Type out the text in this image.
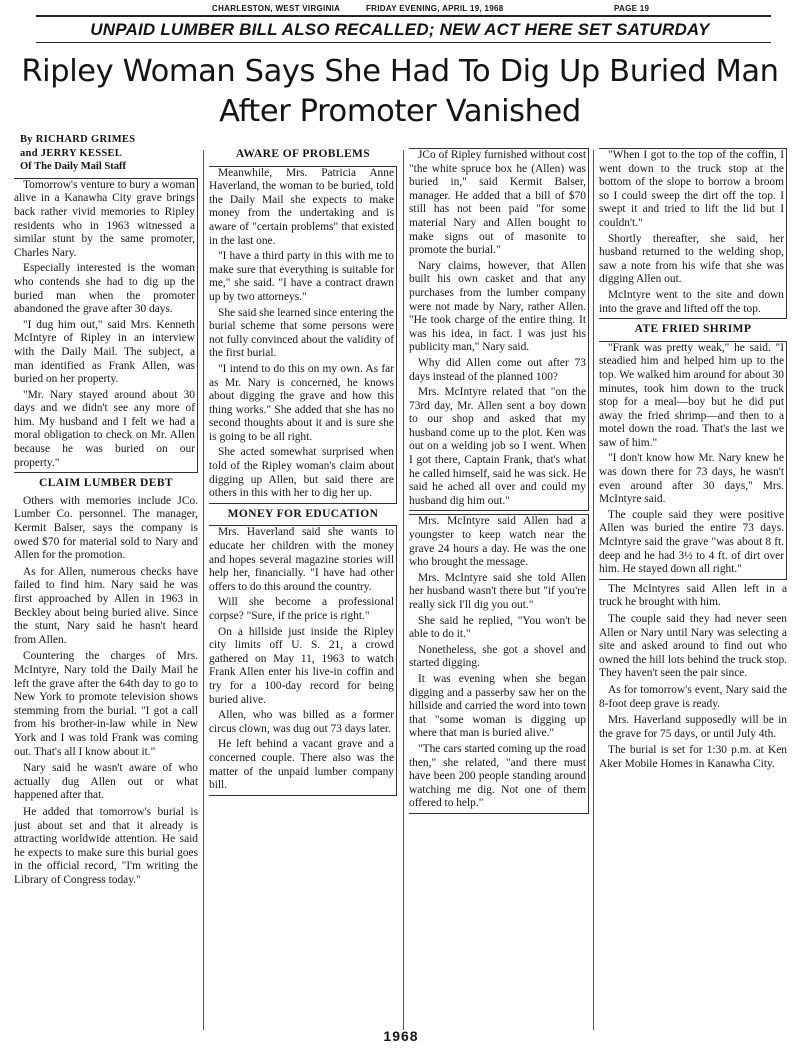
CHARLESTON, WEST VIRGINIA	FRIDAY EVENING, APRIL 19, 1968	PAGE 19
UNPAID LUMBER BILL ALSO RECALLED; NEW ACT HERE SET SATURDAY
Ripley Woman Says She Had To Dig Up Buried Man
After Promoter Vanished

By RICHARD GRIMES

and JERRY KESSEL

Of The Daily Mail Staff

Tomorrow's venture to bury a woman alive in a Kanawha City grave brings back rather vivid memories to Ripley residents who in 1963 witnessed a similar stunt by the same promoter, Charles Nary.

Especially interested is the woman who contends she had to dig up the buried man when the promoter abandoned the grave after 30 days.

"I dug him out," said Mrs. Kenneth McIntyre of Ripley in an interview with the Daily Mail. The subject, a man identified as Frank Allen, was buried on her property.

"Mr. Nary stayed around about 30 days and we didn't see any more of him. My husband and I felt we had a moral obligation to check on Mr. Allen because he was buried on our property."

CLAIM LUMBER DEBT

Others with memories include JCo. Lumber Co. personnel. The manager, Kermit Balser, says the company is owed $70 for material sold to Nary and Allen for the promotion.

As for Allen, numerous checks have failed to find him. Nary said he was first approached by Allen in 1963 in Beckley about being buried alive. Since the stunt, Nary said he hasn't heard from Allen.

Countering the charges of Mrs. McIntyre, Nary told the Daily Mail he left the grave after the 64th day to go to New York to promote television shows stemming from the burial. "I got a call from his brother-in-law while in New York and I was told Frank was coming out. That's all I know about it."

Nary said he wasn't aware of who actually dug Allen out or what happened after that.

He added that tomorrow's burial is just about set and that it already is attracting worldwide attention. He said he expects to make sure this burial goes in the official record, "I'm writing the Library of Congress today."

AWARE OF PROBLEMS

Meanwhile, Mrs. Patricia Anne Haverland, the woman to be buried, told the Daily Mail she expects to make money from the undertaking and is aware of "certain problems" that existed in the last one.

"I have a third party in this with me to make sure that everything is suitable for me," she said. "I have a contract drawn up by two attorneys."

She said she learned since entering the burial scheme that some persons were not fully convinced about the validity of the first burial.

"I intend to do this on my own. As far as Mr. Nary is concerned, he knows about digging the grave and how this thing works." She added that she has no second thoughts about it and is sure she is going to be all right.

She acted somewhat surprised when told of the Ripley woman's claim about digging up Allen, but said there are others in this with her to dig her up.

MONEY FOR EDUCATION

Mrs. Haverland said she wants to educate her children with the money and hopes several magazine stories will help her, financially. "I have had other offers to do this around the country.

Will she become a professional corpse? "Sure, if the price is right."

On a hillside just inside the Ripley city limits off U. S. 21, a crowd gathered on May 11, 1963 to watch Frank Allen enter his live-in coffin and try for a 100-day record for being buried alive.

Allen, who was billed as a former circus clown, was dug out 73 days later.

He left behind a vacant grave and a concerned couple. There also was the matter of the unpaid lumber company bill.

JCo of Ripley furnished without cost "the white spruce box he (Allen) was buried in," said Kermit Balser, manager. He added that a bill of $70 still has not been paid "for some material Nary and Allen bought to make signs out of masonite to promote the burial."

Nary claims, however, that Allen built his own casket and that any purchases from the lumber company were not made by Nary, rather Allen. "He took charge of the entire thing. It was his idea, in fact. I was just his publicity man," Nary said.

Why did Allen come out after 73 days instead of the planned 100?

Mrs. McIntyre related that "on the 73rd day, Mr. Allen sent a boy down to our shop and asked that my husband come up to the plot. Ken was out on a welding job so I went. When I got there, Captain Frank, that's what he called himself, said he was sick. He said he ached all over and could my husband dig him out."

Mrs. McIntyre said Allen had a youngster to keep watch near the grave 24 hours a day. He was the one who brought the message.

Mrs. McIntyre said she told Allen her husband wasn't there but "if you're really sick I'll dig you out."

She said he replied, "You won't be able to do it."

Nonetheless, she got a shovel and started digging.

It was evening when she began digging and a passerby saw her on the hillside and carried the word into town that "some woman is digging up where that man is buried alive."

"The cars started coming up the road then," she related, "and there must have been 200 people standing around watching me dig. Not one of them offered to help."

"When I got to the top of the coffin, I went down to the truck stop at the bottom of the slope to borrow a broom so I could sweep the dirt off the top. I swept it and tried to lift the lid but I couldn't."

Shortly thereafter, she said, her husband returned to the welding shop, saw a note from his wife that she was digging Allen out.

McIntyre went to the site and down into the grave and lifted off the top.

ATE FRIED SHRIMP

"Frank was pretty weak," he said. "I steadied him and helped him up to the top. We walked him around for about 30 minutes, took him down to the truck stop for a meal—boy but he did put away the fried shrimp—and then to a motel down the road. That's the last we saw of him."

"I don't know how Mr. Nary knew he was down there for 73 days, he wasn't even around after 30 days," Mrs. McIntyre said.

The couple said they were positive Allen was buried the entire 73 days. McIntyre said the grave "was about 8 ft. deep and he had 3½ to 4 ft. of dirt over him. He stayed down all right."

The McIntyres said Allen left in a truck he brought with him.

The couple said they had never seen Allen or Nary until Nary was selecting a site and asked around to find out who owned the hill lots behind the truck stop. They haven't seen the pair since.

As for tomorrow's event, Nary said the 8-foot deep grave is ready.

Mrs. Haverland supposedly will be in the grave for 75 days, or until July 4th.

The burial is set for 1:30 p.m. at Ken Aker Mobile Homes in Kanawha City.

1968
